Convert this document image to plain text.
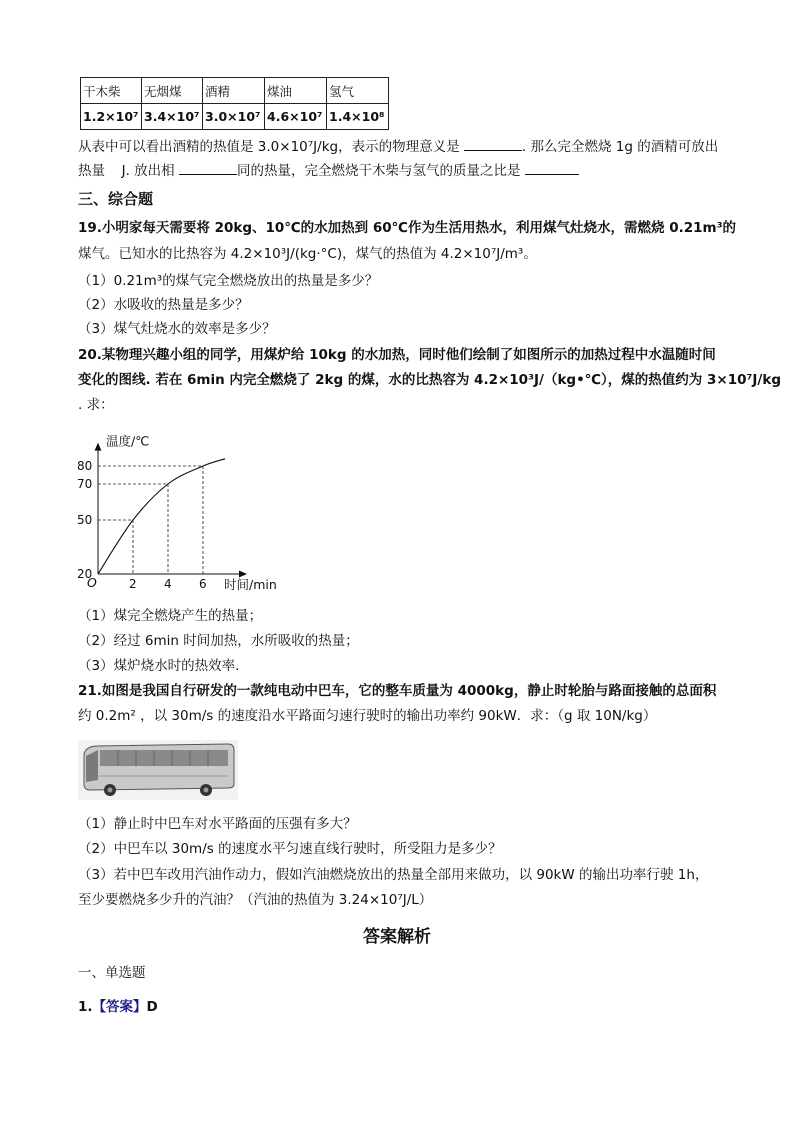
干木柴	无烟煤	酒精	煤油	氢气
1.2×10⁷	3.4×10⁷	3.0×10⁷	4.6×10⁷	1.4×10⁸
从表中可以看出酒精的热值是 3.0×10⁷J/kg，表示的物理意义是	. 那么完全燃烧 1g 的酒精可放出
热量 J. 放出相	同的热量，完全燃烧干木柴与氢气的质量之比是
三、综合题
19.小明家每天需要将 20kg、10℃的水加热到 60℃作为生活用热水，利用煤气灶烧水，需燃烧 0.21m³的
煤气。已知水的比热容为 4.2×10³J/(kg·°C)，煤气的热值为 4.2×10⁷J/m³。
（1）0.21m³的煤气完全燃烧放出的热量是多少？
（2）水吸收的热量是多少？
（3）煤气灶烧水的效率是多少？
20.某物理兴趣小组的同学，用煤炉给 10kg 的水加热，同时他们绘制了如图所示的加热过程中水温随时间
变化的图线. 若在 6min 内完全燃烧了 2kg 的煤，水的比热容为 4.2×10³J/（kg•℃），煤的热值约为 3×10⁷J/kg
. 求：
温度/℃
时间/min
O	2 4 6
20
50
70
80
（1）煤完全燃烧产生的热量；
（2）经过 6min 时间加热，水所吸收的热量；
（3）煤炉烧水时的热效率.
21.如图是我国自行研发的一款纯电动中巴车，它的整车质量为 4000kg，静止时轮胎与路面接触的总面积
约 0.2m² ，以 30m/s 的速度沿水平路面匀速行驶时的输出功率约 90kW．求：（g 取 10N/kg）
（1）静止时中巴车对水平路面的压强有多大？
（2）中巴车以 30m/s 的速度水平匀速直线行驶时，所受阻力是多少？
（3）若中巴车改用汽油作动力，假如汽油燃烧放出的热量全部用来做功，以 90kW 的输出功率行驶 1h，
至少要燃烧多少升的汽油？（汽油的热值为 3.24×10⁷J/L）
答案解析
一、单选题
1.【答案】D
